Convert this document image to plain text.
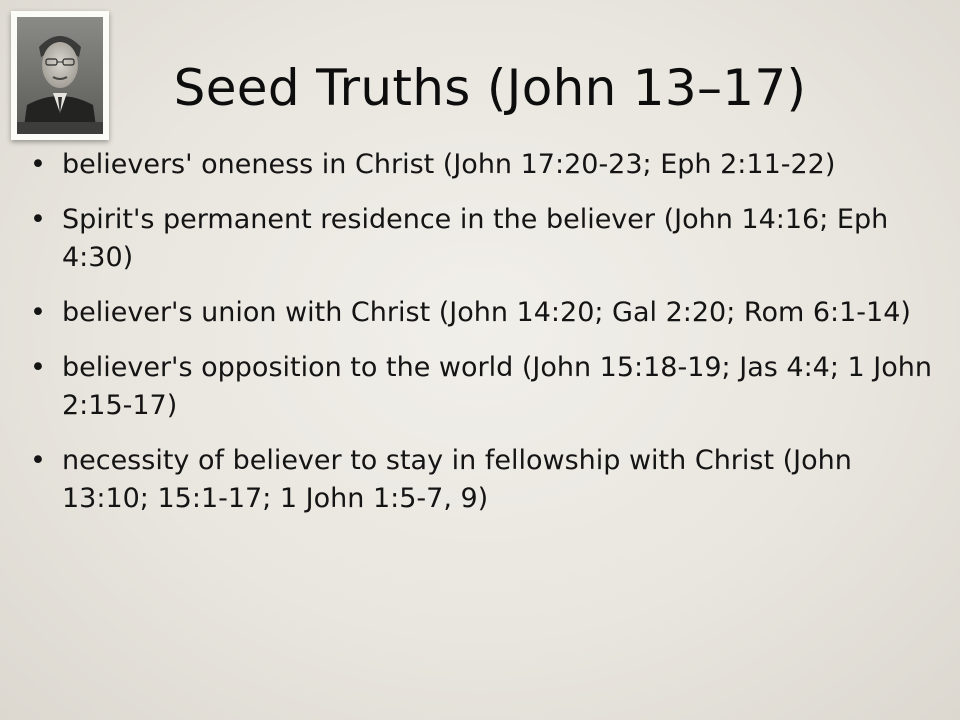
Seed Truths (John 13–17)
• believers' oneness in Christ (John 17:20-23; Eph 2:11-22)
• Spirit's permanent residence in the believer (John 14:16; Eph 4:30)
• believer's union with Christ (John 14:20; Gal 2:20; Rom 6:1-14)
• believer's opposition to the world (John 15:18-19; Jas 4:4; 1 John 2:15-17)
• necessity of believer to stay in fellowship with Christ (John 13:10; 15:1-17; 1 John 1:5-7, 9)
